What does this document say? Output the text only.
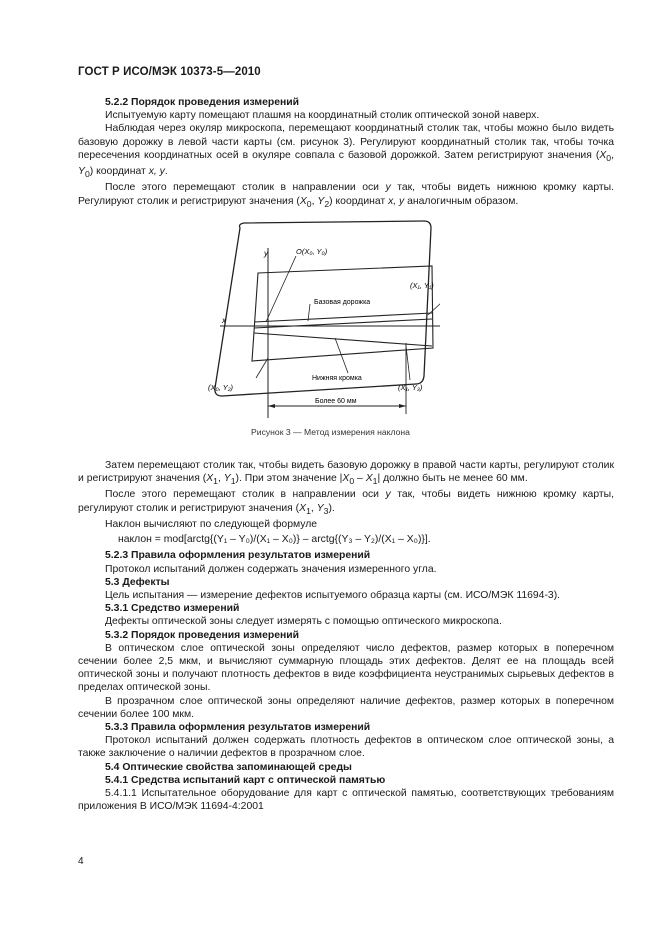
ГОСТ Р ИСО/МЭК 10373-5—2010

5.2.2 Порядок проведения измерений

Испытуемую карту помещают плашмя на координатный столик оптической зоной наверх.

Наблюдая через окуляр микроскопа, перемещают координатный столик так, чтобы можно было видеть базовую дорожку в левой части карты (см. рисунок 3). Регулируют координатный столик так, чтобы точка пересечения координатных осей в окуляре совпала с базовой дорожкой. Затем регистрируют значения ($X_0$, $Y_0$) координат x, y.

После этого перемещают столик в направлении оси y так, чтобы видеть нижнюю кромку карты. Регулируют столик и регистрируют значения ($X_0$, $Y_2$) координат x, y аналогичным образом.

y
x
O(X₀, Y₀)
(X₁, Y₁)
Базовая дорожка
Нижняя кромка
(X₀, Y₂)	(X₁, Y₃)
Более 60 мм
Рисунок 3 — Метод измерения наклона

Затем перемещают столик так, чтобы видеть базовую дорожку в правой части карты, регулируют столик и регистрируют значения ($X_1$, $Y_1$). При этом значение $|X_0 - X_1|$ должно быть не менее 60 мм.

После этого перемещают столик в направлении оси y так, чтобы видеть нижнюю кромку карты, регулируют столик и регистрируют значения ($X_1$, $Y_3$).

Наклон вычисляют по следующей формуле

наклон = mod[arctg{(Y₁ – Y₀)/(X₁ – X₀)} – arctg{(Y₃ – Y₂)/(X₁ – X₀)}].

5.2.3 Правила оформления результатов измерений

Протокол испытаний должен содержать значения измеренного угла.

5.3 Дефекты

Цель испытания — измерение дефектов испытуемого образца карты (см. ИСО/МЭК 11694-3).

5.3.1 Средство измерений

Дефекты оптической зоны следует измерять с помощью оптического микроскопа.

5.3.2 Порядок проведения измерений

В оптическом слое оптической зоны определяют число дефектов, размер которых в поперечном сечении более 2,5 мкм, и вычисляют суммарную площадь этих дефектов. Делят ее на площадь всей оптической зоны и получают плотность дефектов в виде коэффициента неустранимых сырьевых дефектов в пределах оптической зоны.

В прозрачном слое оптической зоны определяют наличие дефектов, размер которых в поперечном сечении более 100 мкм.

5.3.3 Правила оформления результатов измерений

Протокол испытаний должен содержать плотность дефектов в оптическом слое оптической зоны, а также заключение о наличии дефектов в прозрачном слое.

5.4 Оптические свойства запоминающей среды

5.4.1 Средства испытаний карт с оптической памятью

5.4.1.1 Испытательное оборудование для карт с оптической памятью, соответствующих требованиям приложения В ИСО/МЭК 11694-4:2001

4
